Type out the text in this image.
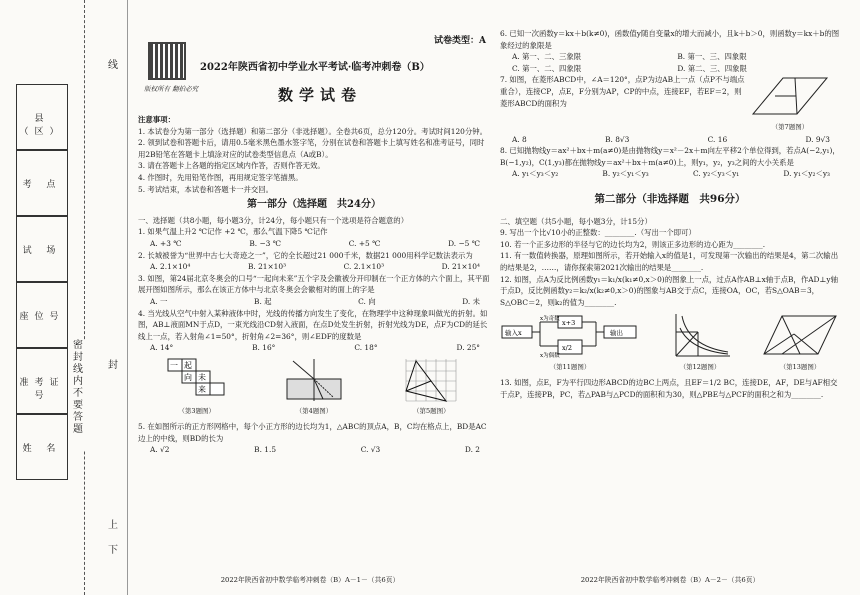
县（区）
考 点
试 场
座位号
准考证号
姓 名
线
密 封 线 内 不 要 答 题
封
上
下
版权所有 翻拍必究
试卷类型：A
2022年陕西省初中学业水平考试·临考冲刺卷（B）
数学试卷

注意事项：

1. 本试卷分为第一部分（选择题）和第二部分（非选择题）。全卷共6页，总分120分。考试时间120分钟。

2. 领到试卷和答题卡后，请用0.5毫米黑色墨水签字笔，分别在试卷和答题卡上填写姓名和准考证号，同时用2B铅笔在答题卡上填涂对应的试卷类型信息点（A或B）。

3. 请在答题卡上各题的指定区域内作答，否则作答无效。

4. 作图时，先用铅笔作图，再用规定签字笔描黑。

5. 考试结束，本试卷和答题卡一并交回。

第一部分（选择题　共24分）

一、选择题（共8小题，每小题3分，计24分，每小题只有一个选项是符合题意的）

1. 如果气温上升2 ℃记作 +2 ℃，那么气温下降5 ℃记作

A. +3 ℃	B. −3 ℃	C. +5 ℃	D. −5 ℃

2. 长城被誉为“世界中古七大奇迹之一”，它的全长超过21 000千米，数据21 000用科学记数法表示为

A. 2.1×10⁴	B. 21×10³	C. 2.1×10³	D. 21×10⁴

3. 如图，第24届北京冬奥会的口号“一起向未来”五个字及会徽被分开印制在一个正方体的六个面上，其平面展开图如图所示，那么在该正方体中与北京冬奥会会徽相对的面上的字是

A. 一	B. 起	C. 向	D. 未

4. 当光线从空气中射入某种液体中时，光线的传播方向发生了变化，在物理学中这种现象叫做光的折射。如图，AB⊥液面MN于点D，一束光线沿CD射入液面，在点D处发生折射，折射光线为DE，点F为CD的延长线上一点，若入射角∠1=50°，折射角∠2=36°，则∠EDF的度数是

A. 14°	B. 16°	C. 18°	D. 25°
起
向 未
来
一
（第3题图）	（第4题图）	（第5题图）

5. 在如图所示的正方形网格中，每个小正方形的边长均为1，△ABC的顶点A，B，C均在格点上，BD是AC边上的中线，则BD的长为

A. √2	B. 1.5	C. √3	D. 2
2022年陕西省初中数学临考冲刺卷（B）A－1－（共6页）

6. 已知一次函数y＝kx＋b(k≠0)，函数值y随自变量x的增大而减小，且k＋b＞0，则函数y＝kx＋b的图象经过的象限是

A. 第一、二、三象限	B. 第一、三、四象限
C. 第一、二、四象限	D. 第二、三、四象限

7. 如图，在菱形ABCD中，∠A＝120°，点P为边AB上一点（点P不与端点重合），连接CP，点E，F分别为AP，CP的中点，连接EF，若EF＝2，则菱形ABCD的面积为

（第7题图）
A. 8	B. 8√3	C. 16	D. 9√3

8. 已知抛物线y＝ax²＋bx＋m(a≠0)是由抛物线y＝x²－2x＋m向左平移2个单位得到，若点A(−2,y₁)，B(−1,y₂)，C(1,y₃)都在抛物线y＝ax²＋bx＋m(a≠0)上，则y₁，y₂，y₃之间的大小关系是

A. y₁＜y₃＜y₂	B. y₂＜y₁＜y₃	C. y₂＜y₃＜y₁	D. y₁＜y₂＜y₃
第二部分（非选择题　共96分）

二、填空题（共5小题，每小题3分，计15分）

9. 写出一个比√10小的正整数：________.（写出一个即可）

10. 若一个正多边形的半径与它的边长均为2，则该正多边形的边心距为________.

11. 有一数值转换器，原理如图所示，若开始输入x的值是1，可发现第一次输出的结果是4，第二次输出的结果是2，……，请你探索第2021次输出的结果是________.

12. 如图，点A为反比例函数y₁＝k₁/x(k₁≠0,x＞0)的图象上一点，过点A作AB⊥x轴于点B，作AD⊥y轴于点D，反比例函数y₂＝k₂/x(k₂≠0,x＞0)的图象与AB交于点C，连接OA，OC，若S△OAB＝3，S△OBC＝2，则k₂的值为________.

输入x
x+3
x/2
输出
x为奇数
x为偶数
（第11题图）	（第12题图）	（第13题图）

13. 如图，点E，F为平行四边形ABCD的边BC上两点，且EF＝1/2 BC，连接DE，AF，DE与AF相交于点P，连接PB，PC，若△PAB与△PCD的面积和为30，则△PBE与△PCF的面积之和为________.

2022年陕西省初中数学临考冲刺卷（B）A－2－（共6页）
